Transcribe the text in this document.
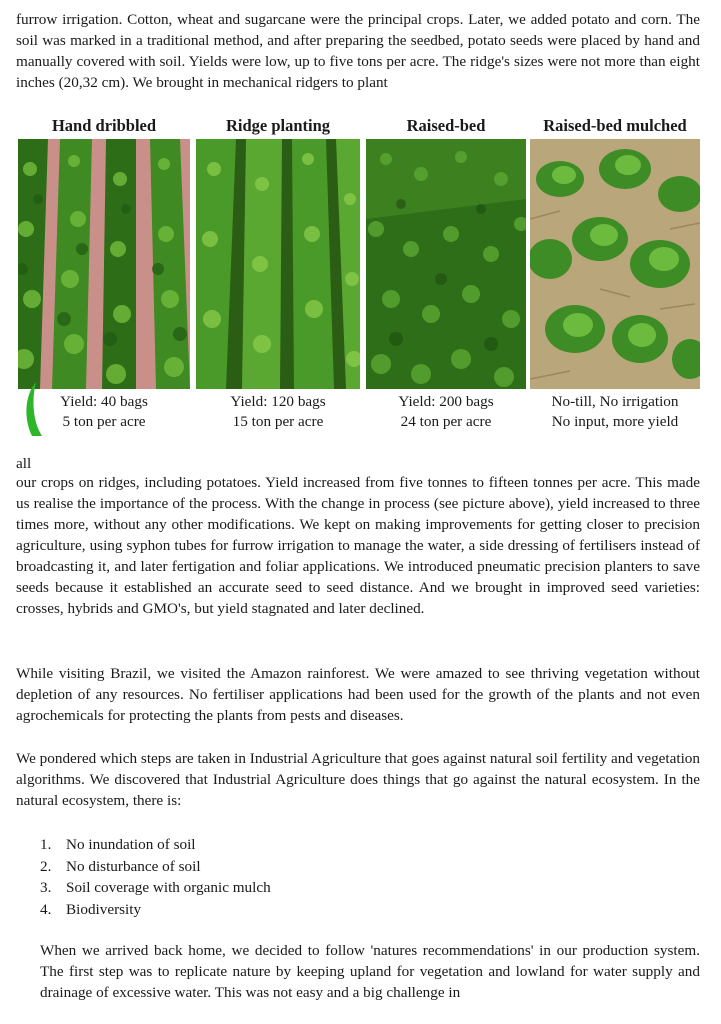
furrow irrigation. Cotton, wheat and sugarcane were the principal crops. Later, we added potato and corn. The soil was marked in a traditional method, and after preparing the seedbed, potato seeds were placed by hand and manually covered with soil. Yields were low, up to five tons per acre. The ridge's sizes were not more than eight inches (20,32 cm). We brought in mechanical ridgers to plant

Hand dribbled
Yield: 40 bags
5 ton per acre
Ridge planting
Yield: 120 bags
15 ton per acre
Raised-bed
Yield: 200 bags
24 ton per acre
Raised-bed mulched
No-till, No irrigation
No input, more yield

all

our crops on ridges, including potatoes. Yield increased from five tonnes to fifteen tonnes per acre. This made us realise the importance of the process. With the change in process (see picture above), yield increased to three times more, without any other modifications. We kept on making improvements for getting closer to precision agriculture, using syphon tubes for furrow irrigation to manage the water, a side dressing of fertilisers instead of broadcasting it, and later fertigation and foliar applications. We introduced pneumatic precision planters to save seeds because it established an accurate seed to seed distance. And we brought in improved seed varieties: crosses, hybrids and GMO's, but yield stagnated and later declined.

While visiting Brazil, we visited the Amazon rainforest. We were amazed to see thriving vegetation without depletion of any resources. No fertiliser applications had been used for the growth of the plants and not even agrochemicals for protecting the plants from pests and diseases.

We pondered which steps are taken in Industrial Agriculture that goes against natural soil fertility and vegetation algorithms. We discovered that Industrial Agriculture does things that go against the natural ecosystem. In the natural ecosystem, there is:

1. No inundation of soil
2. No disturbance of soil
3. Soil coverage with organic mulch
4. Biodiversity

When we arrived back home, we decided to follow 'natures recommendations' in our production system. The first step was to replicate nature by keeping upland for vegetation and lowland for water supply and drainage of excessive water. This was not easy and a big challenge in
